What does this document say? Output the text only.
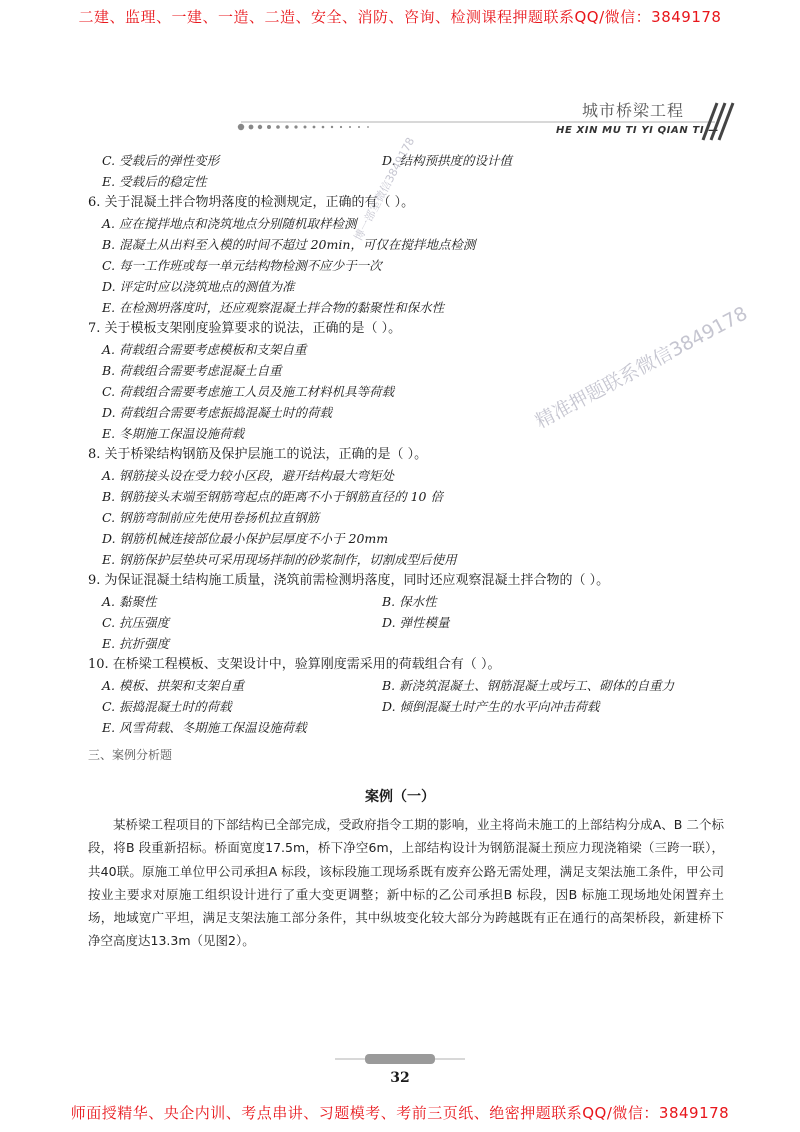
二建、监理、一建、一造、二造、安全、消防、咨询、检测课程押题联系QQ/微信：3849178
城市桥梁工程
HE XIN MU TI YI QIAN TI —
C. 受载后的弹性变形	D. 结构预拱度的设计值
E. 受载后的稳定性
6. 关于混凝土拌合物坍落度的检测规定，正确的有（ ）。
A. 应在搅拌地点和浇筑地点分别随机取样检测
B. 混凝土从出料至入模的时间不超过 20min，可仅在搅拌地点检测
C. 每一工作班或每一单元结构物检测不应少于一次
D. 评定时应以浇筑地点的测值为准
E. 在检测坍落度时，还应观察混凝土拌合物的黏聚性和保水性
7. 关于模板支架刚度验算要求的说法，正确的是（ ）。
A. 荷载组合需要考虑模板和支架自重
B. 荷载组合需要考虑混凝土自重
C. 荷载组合需要考虑施工人员及施工材料机具等荷载
D. 荷载组合需要考虑振捣混凝土时的荷载
E. 冬期施工保温设施荷载
8. 关于桥梁结构钢筋及保护层施工的说法，正确的是（ ）。
A. 钢筋接头设在受力较小区段，避开结构最大弯矩处
B. 钢筋接头末端至钢筋弯起点的距离不小于钢筋直径的 10 倍
C. 钢筋弯制前应先使用卷扬机拉直钢筋
D. 钢筋机械连接部位最小保护层厚度不小于 20mm
E. 钢筋保护层垫块可采用现场拌制的砂浆制作，切割成型后使用
9. 为保证混凝土结构施工质量，浇筑前需检测坍落度，同时还应观察混凝土拌合物的（ ）。
A. 黏聚性	B. 保水性
C. 抗压强度	D. 弹性模量
E. 抗折强度
10. 在桥梁工程模板、支架设计中，验算刚度需采用的荷载组合有（ ）。
A. 模板、拱架和支架自重	B. 新浇筑混凝土、钢筋混凝土或圬工、砌体的自重力
C. 振捣混凝土时的荷载	D. 倾倒混凝土时产生的水平向冲击荷载
E. 风雪荷载、冬期施工保温设施荷载
三、案例分析题
案例（一）
某桥梁工程项目的下部结构已全部完成，受政府指令工期的影响，业主将尚未施工的上部结构分成A、B 二个标段，将B 段重新招标。桥面宽度17.5m，桥下净空6m，上部结构设计为钢筋混凝土预应力现浇箱梁（三跨一联），共40联。原施工单位甲公司承担A 标段，该标段施工现场系既有废弃公路无需处理，满足支架法施工条件，甲公司按业主要求对原施工组织设计进行了重大变更调整；新中标的乙公司承担B 标段，因B 标施工现场地处闲置弃土场，地域宽广平坦，满足支架法施工部分条件，其中纵坡变化较大部分为跨越既有正在通行的高架桥段，新建桥下净空高度达13.3m（见图2）。
博一部室微信3849178
精准押题联系微信3849178
32
师面授精华、央企内训、考点串讲、习题模考、考前三页纸、绝密押题联系QQ/微信：3849178
